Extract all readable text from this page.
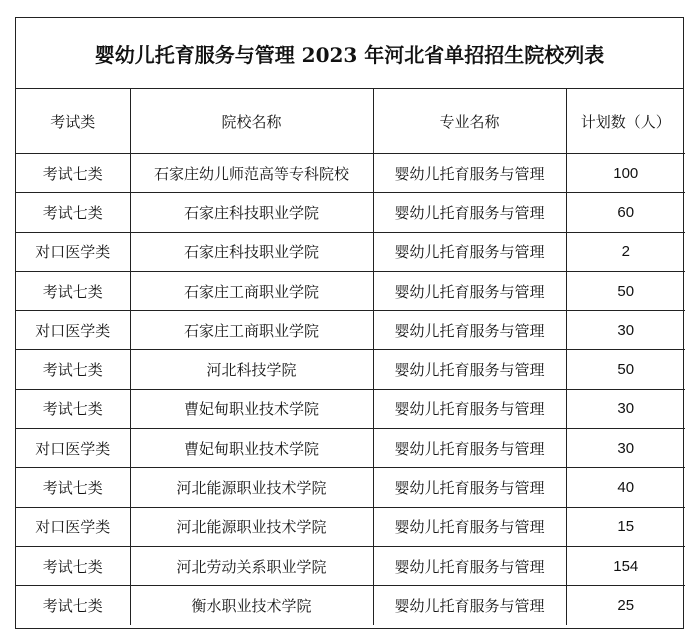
婴幼儿托育服务与管理 2023 年河北省单招招生院校列表
考试类	院校名称	专业名称	计划数（人）
考试七类	石家庄幼儿师范高等专科院校	婴幼儿托育服务与管理	100
考试七类	石家庄科技职业学院	婴幼儿托育服务与管理	60
对口医学类	石家庄科技职业学院	婴幼儿托育服务与管理	2
考试七类	石家庄工商职业学院	婴幼儿托育服务与管理	50
对口医学类	石家庄工商职业学院	婴幼儿托育服务与管理	30
考试七类	河北科技学院	婴幼儿托育服务与管理	50
考试七类	曹妃甸职业技术学院	婴幼儿托育服务与管理	30
对口医学类	曹妃甸职业技术学院	婴幼儿托育服务与管理	30
考试七类	河北能源职业技术学院	婴幼儿托育服务与管理	40
对口医学类	河北能源职业技术学院	婴幼儿托育服务与管理	15
考试七类	河北劳动关系职业学院	婴幼儿托育服务与管理	154
考试七类	衡水职业技术学院	婴幼儿托育服务与管理	25
